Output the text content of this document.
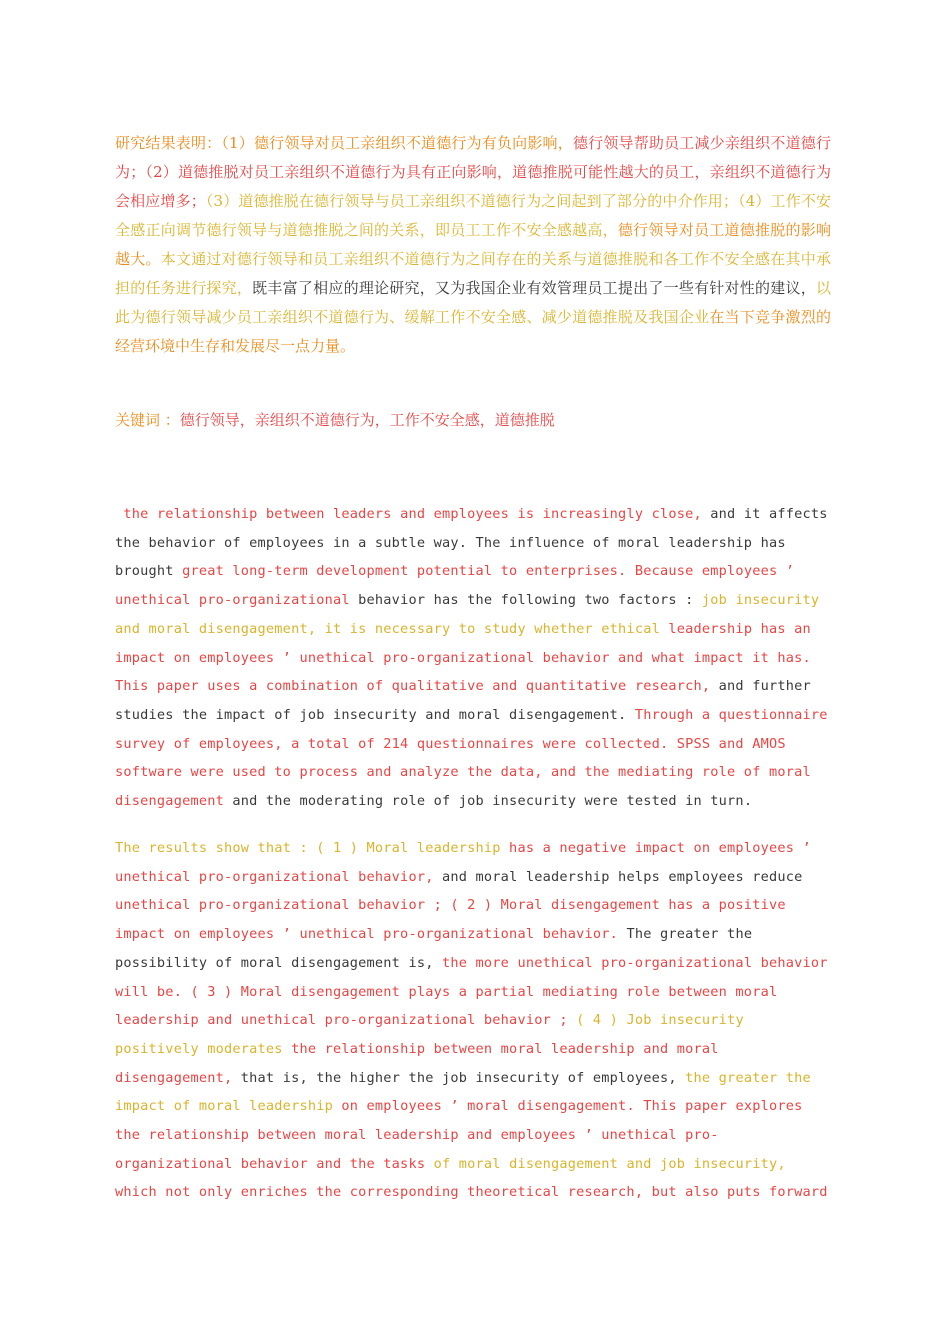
研究结果表明：（1）德行领导对员工亲组织不道德行为有负向影响，德行领导帮助员工减少亲组织不道德行为；（2）道德推脱对员工亲组织不道德行为具有正向影响，道德推脱可能性越大的员工，亲组织不道德行为会相应增多；（3）道德推脱在德行领导与员工亲组织不道德行为之间起到了部分的中介作用；（4）工作不安全感正向调节德行领导与道德推脱之间的关系，即员工工作不安全感越高，德行领导对员工道德推脱的影响越大。本文通过对德行领导和员工亲组织不道德行为之间存在的关系与道德推脱和各工作不安全感在其中承担的任务进行探究，既丰富了相应的理论研究，又为我国企业有效管理员工提出了一些有针对性的建议，以此为德行领导减少员工亲组织不道德行为、缓解工作不安全感、减少道德推脱及我国企业在当下竞争激烈的经营环境中生存和发展尽一点力量。

关键词 ：德行领导，亲组织不道德行为，工作不安全感，道德推脱

the relationship between leaders and employees is increasingly close, and it affects the behavior of employees in a subtle way. The influence of moral leadership has brought great long-term development potential to enterprises. Because employees ’ unethical pro-organizational behavior has the following two factors : job insecurity and moral disengagement, it is necessary to study whether ethical leadership has an impact on employees ’ unethical pro-organizational behavior and what impact it has. This paper uses a combination of qualitative and quantitative research, and further studies the impact of job insecurity and moral disengagement. Through a questionnaire survey of employees, a total of 214 questionnaires were collected. SPSS and AMOS software were used to process and analyze the data, and the mediating role of moral disengagement and the moderating role of job insecurity were tested in turn.

The results show that : ( 1 ) Moral leadership has a negative impact on employees ’ unethical pro-organizational behavior, and moral leadership helps employees reduce unethical pro-organizational behavior ; ( 2 ) Moral disengagement has a positive impact on employees ’ unethical pro-organizational behavior. The greater the possibility of moral disengagement is, the more unethical pro-organizational behavior will be. ( 3 ) Moral disengagement plays a partial mediating role between moral leadership and unethical pro-organizational behavior ; ( 4 ) Job insecurity positively moderates the relationship between moral leadership and moral disengagement, that is, the higher the job insecurity of employees, the greater the impact of moral leadership on employees ’ moral disengagement. This paper explores the relationship between moral leadership and employees ’ unethical pro-organizational behavior and the tasks of moral disengagement and job insecurity, which not only enriches the corresponding theoretical research, but also puts forward
